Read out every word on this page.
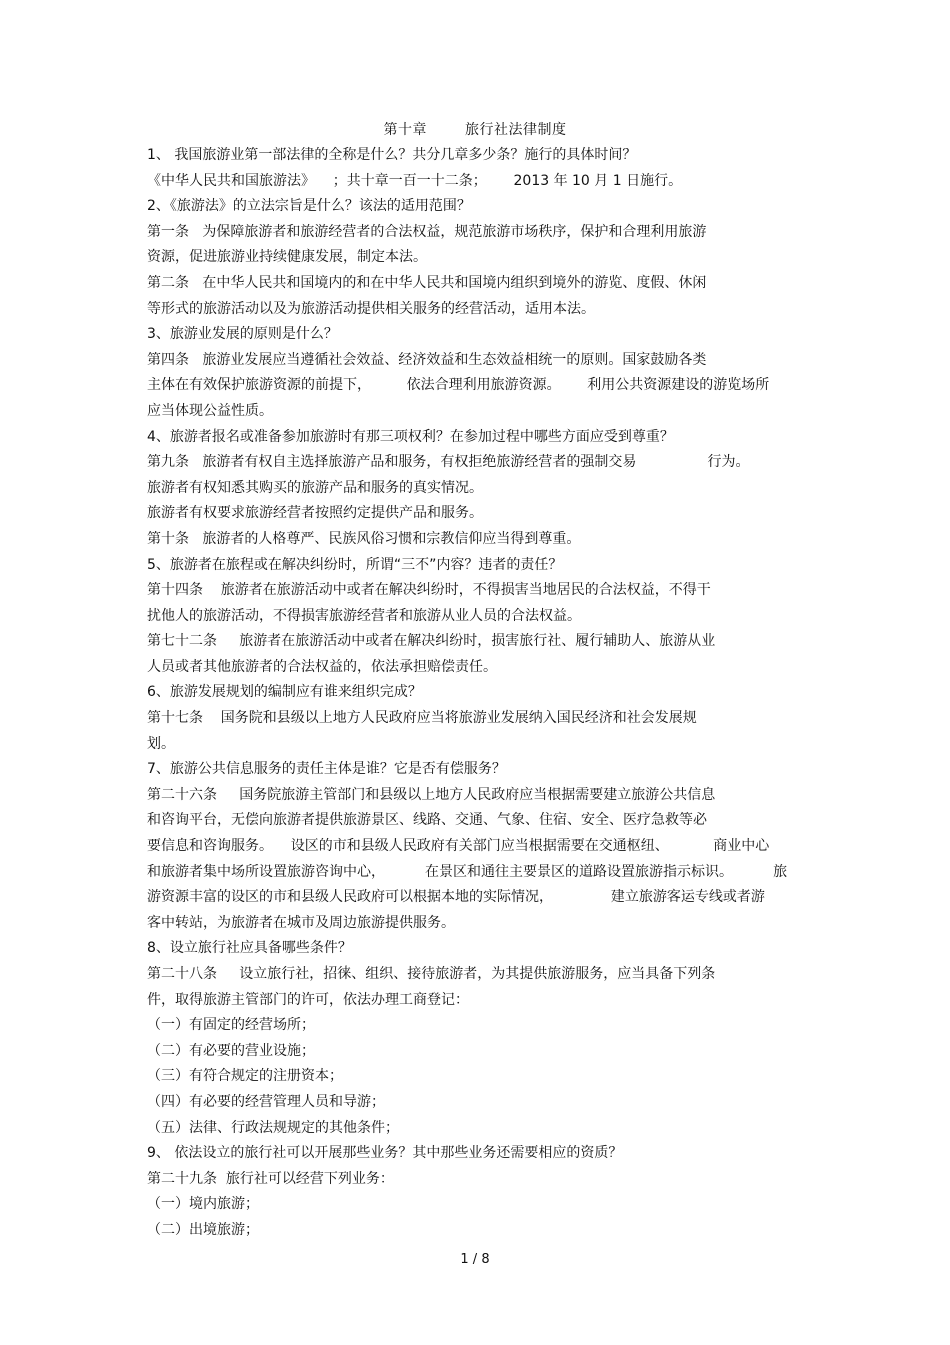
第十章	旅行社法律制度
1、 我国旅游业第一部法律的全称是什么？共分几章多少条？施行的具体时间？
《中华人民共和国旅游法》    ；共十章一百一十二条；      2013 年 10 月 1 日施行。
2、《旅游法》的立法宗旨是什么？该法的适用范围？
第一条   为保障旅游者和旅游经营者的合法权益，规范旅游市场秩序，保护和合理利用旅游
资源，促进旅游业持续健康发展，制定本法。
第二条   在中华人民共和国境内的和在中华人民共和国境内组织到境外的游览、度假、休闲
等形式的旅游活动以及为旅游活动提供相关服务的经营活动，适用本法。
3、旅游业发展的原则是什么？
第四条   旅游业发展应当遵循社会效益、经济效益和生态效益相统一的原则。国家鼓励各类
主体在有效保护旅游资源的前提下，        依法合理利用旅游资源。      利用公共资源建设的游览场所
应当体现公益性质。
4、旅游者报名或准备参加旅游时有那三项权利？在参加过程中哪些方面应受到尊重？
第九条   旅游者有权自主选择旅游产品和服务，有权拒绝旅游经营者的强制交易                行为。
旅游者有权知悉其购买的旅游产品和服务的真实情况。
旅游者有权要求旅游经营者按照约定提供产品和服务。
第十条   旅游者的人格尊严、民族风俗习惯和宗教信仰应当得到尊重。
5、旅游者在旅程或在解决纠纷时，所谓“三不”内容？违者的责任？
第十四条    旅游者在旅游活动中或者在解决纠纷时，不得损害当地居民的合法权益，不得干
扰他人的旅游活动，不得损害旅游经营者和旅游从业人员的合法权益。
第七十二条     旅游者在旅游活动中或者在解决纠纷时，损害旅行社、履行辅助人、旅游从业
人员或者其他旅游者的合法权益的，依法承担赔偿责任。
6、旅游发展规划的编制应有谁来组织完成？
第十七条    国务院和县级以上地方人民政府应当将旅游业发展纳入国民经济和社会发展规
划。
7、旅游公共信息服务的责任主体是谁？它是否有偿服务？
第二十六条     国务院旅游主管部门和县级以上地方人民政府应当根据需要建立旅游公共信息
和咨询平台，无偿向旅游者提供旅游景区、线路、交通、气象、住宿、安全、医疗急救等必
要信息和咨询服务。    设区的市和县级人民政府有关部门应当根据需要在交通枢纽、          商业中心
和旅游者集中场所设置旅游咨询中心，         在景区和通往主要景区的道路设置旅游指示标识。         旅
游资源丰富的设区的市和县级人民政府可以根据本地的实际情况，             建立旅游客运专线或者游
客中转站，为旅游者在城市及周边旅游提供服务。
8、设立旅行社应具备哪些条件？
第二十八条     设立旅行社，招徕、组织、接待旅游者，为其提供旅游服务，应当具备下列条
件，取得旅游主管部门的许可，依法办理工商登记：
（一）有固定的经营场所；
（二）有必要的营业设施；
（三）有符合规定的注册资本；
（四）有必要的经营管理人员和导游；
（五）法律、行政法规规定的其他条件；
9、 依法设立的旅行社可以开展那些业务？其中那些业务还需要相应的资质？
第二十九条  旅行社可以经营下列业务：
（一）境内旅游；
（二）出境旅游；
1 / 8
